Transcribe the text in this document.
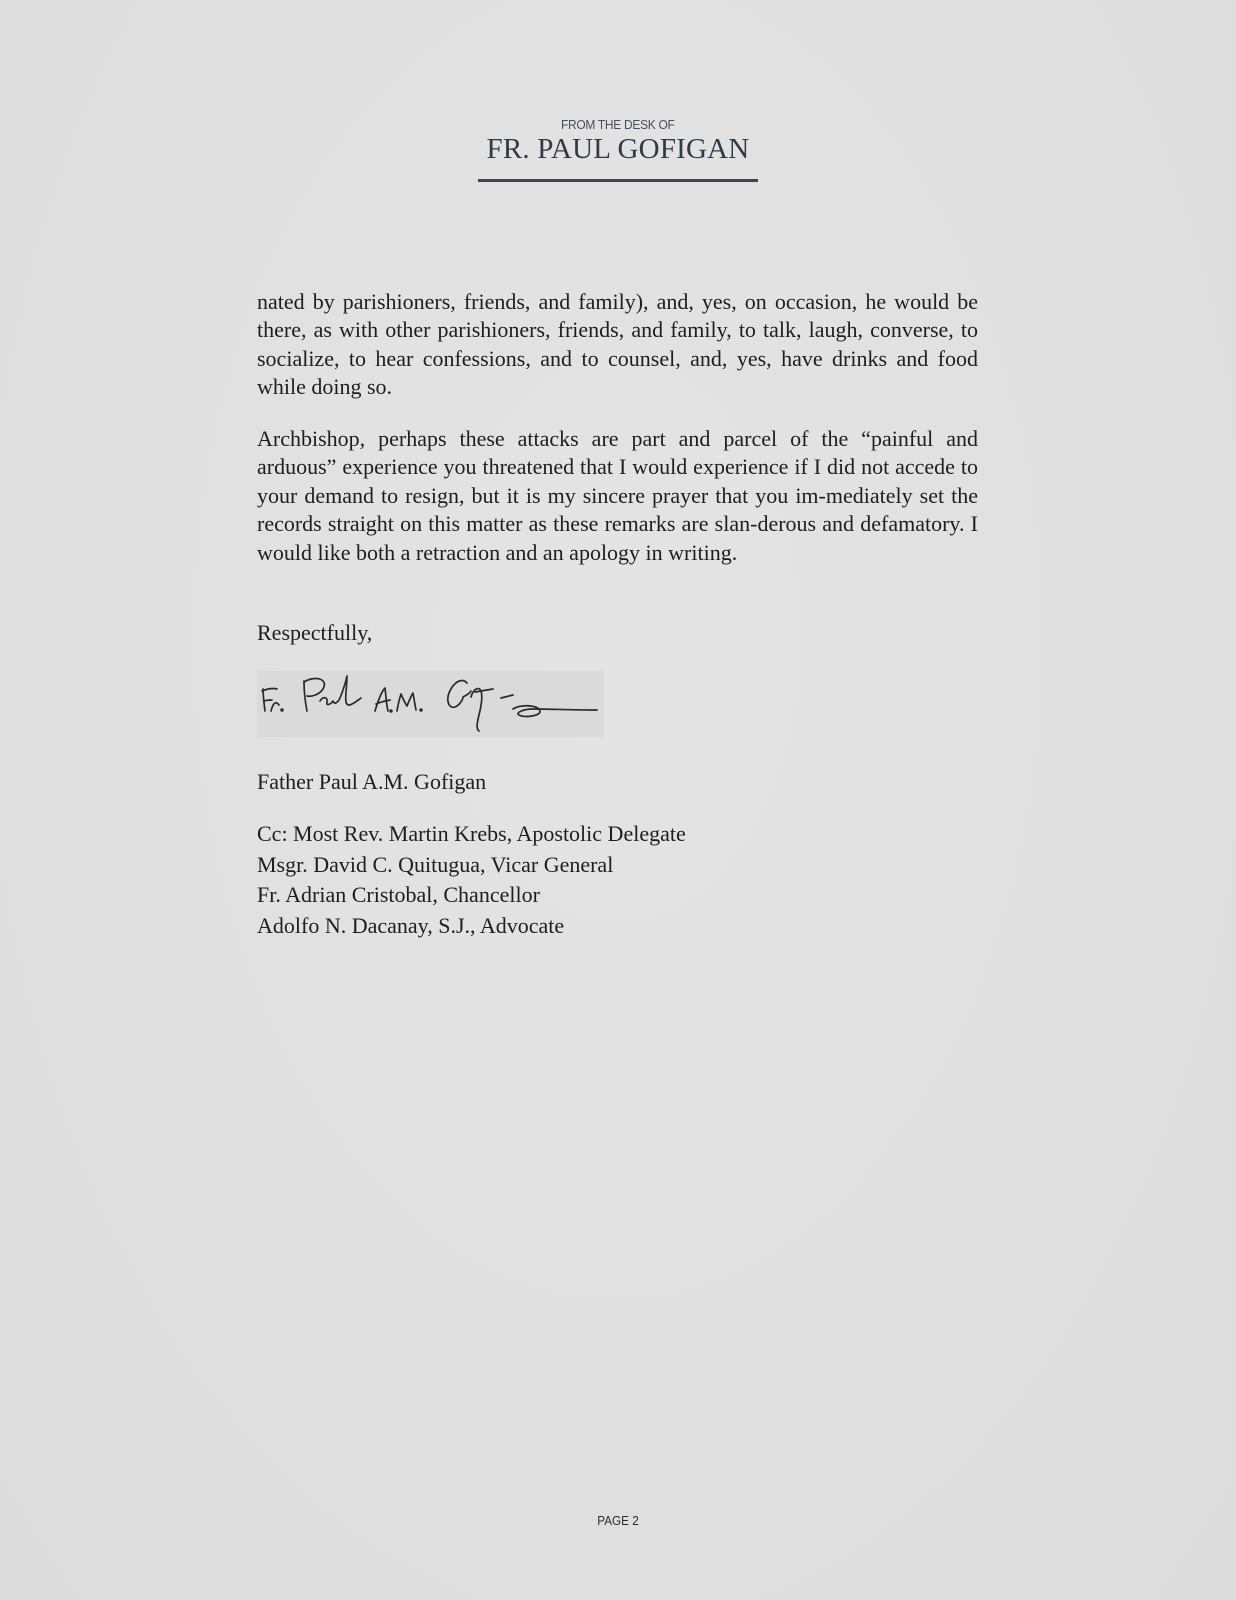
FROM THE DESK OF
FR. PAUL GOFIGAN

nated by parishioners, friends, and family), and, yes, on occasion, he would be there, as with other parishioners, friends, and family, to talk, laugh, converse, to socialize, to hear confessions, and to counsel, and, yes, have drinks and food while doing so.

Archbishop, perhaps these attacks are part and parcel of the “painful and arduous” experience you threatened that I would experience if I did not accede to your demand to resign, but it is my sincere prayer that you im-mediately set the records straight on this matter as these remarks are slan-derous and defamatory. I would like both a retraction and an apology in writing.

Respectfully,
Father Paul A.M. Gofigan
Cc: Most Rev. Martin Krebs, Apostolic Delegate
Msgr. David C. Quitugua, Vicar General
Fr. Adrian Cristobal, Chancellor
Adolfo N. Dacanay, S.J., Advocate
PAGE 2
